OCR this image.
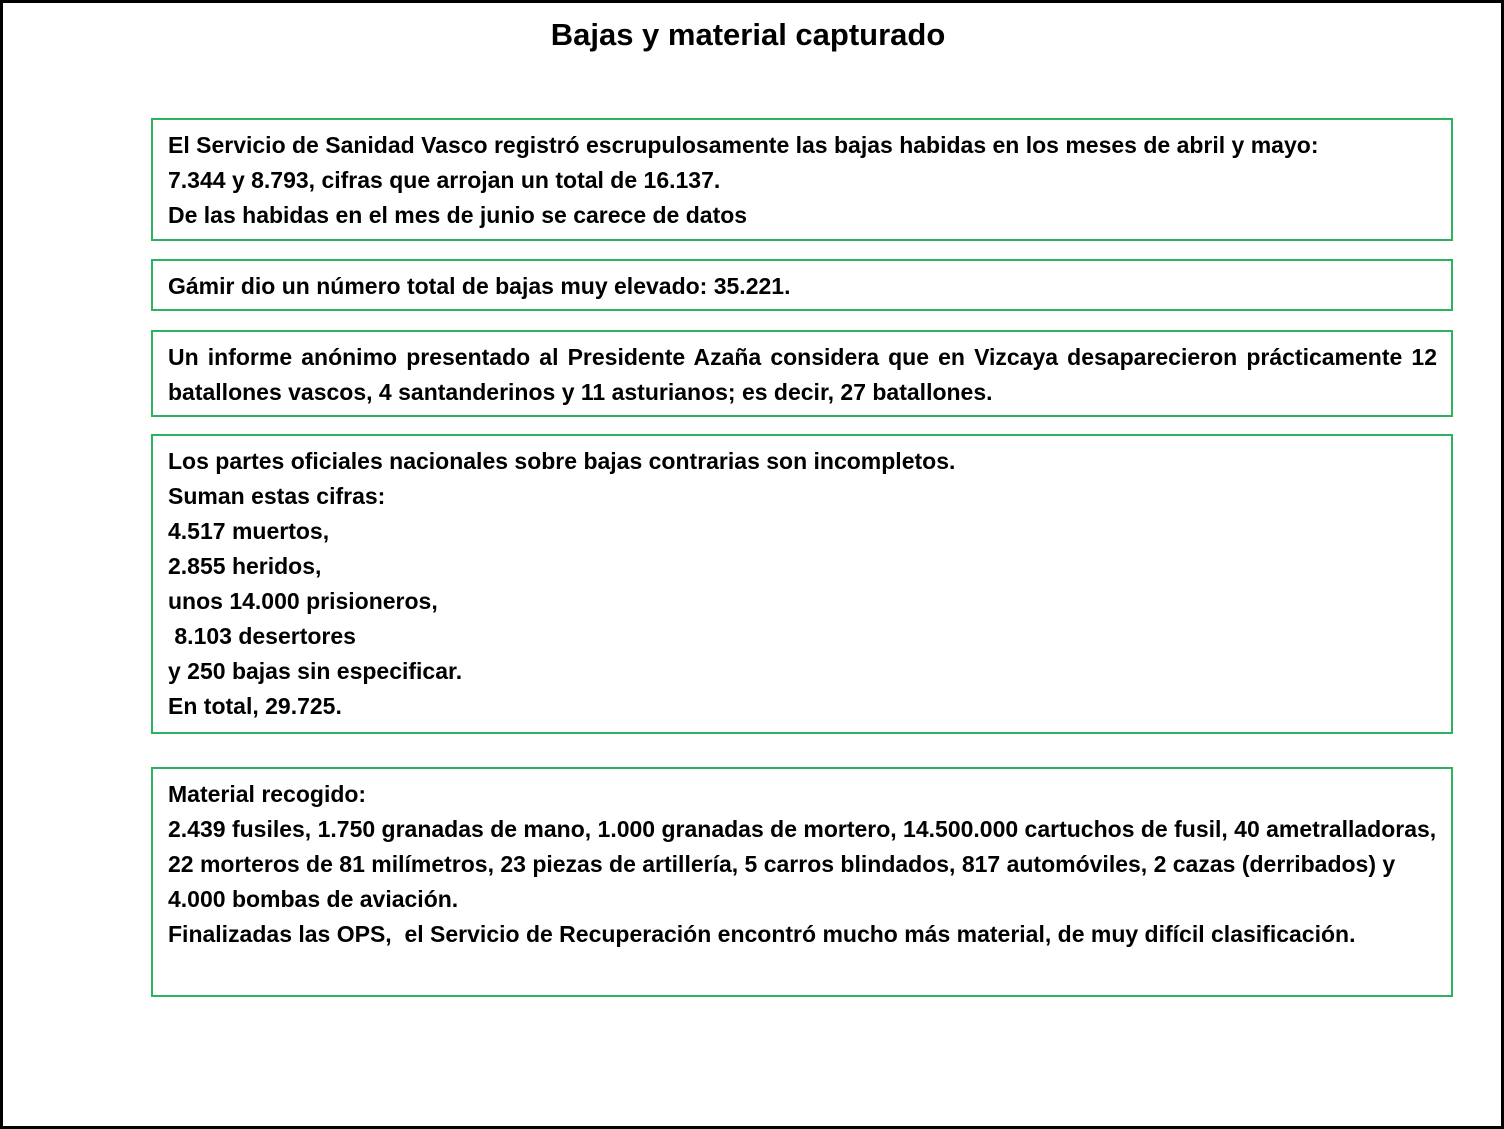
Bajas y material capturado
El Servicio de Sanidad Vasco registró escrupulosamente las bajas habidas en los meses de abril y mayo:
7.344 y 8.793, cifras que arrojan un total de 16.137.
De las habidas en el mes de junio se carece de datos
Gámir dio un número total de bajas muy elevado: 35.221.
Un informe anónimo presentado al Presidente Azaña considera que en Vizcaya desaparecieron prácticamente 12 batallones vascos, 4 santanderinos y 11 asturianos; es decir, 27 batallones.
Los partes oficiales nacionales sobre bajas contrarias son incompletos.
Suman estas cifras:
4.517 muertos,
2.855 heridos,
unos 14.000 prisioneros,
8.103 desertores
y 250 bajas sin especificar.
En total, 29.725.
Material recogido:
2.439 fusiles, 1.750 granadas de mano, 1.000 granadas de mortero, 14.500.000 cartuchos de fusil, 40 ametralladoras, 22 morteros de 81 milímetros, 23 piezas de artillería, 5 carros blindados, 817 automóviles, 2 cazas (derribados) y 4.000 bombas de aviación.
Finalizadas las OPS,  el Servicio de Recuperación encontró mucho más material, de muy difícil clasificación.
